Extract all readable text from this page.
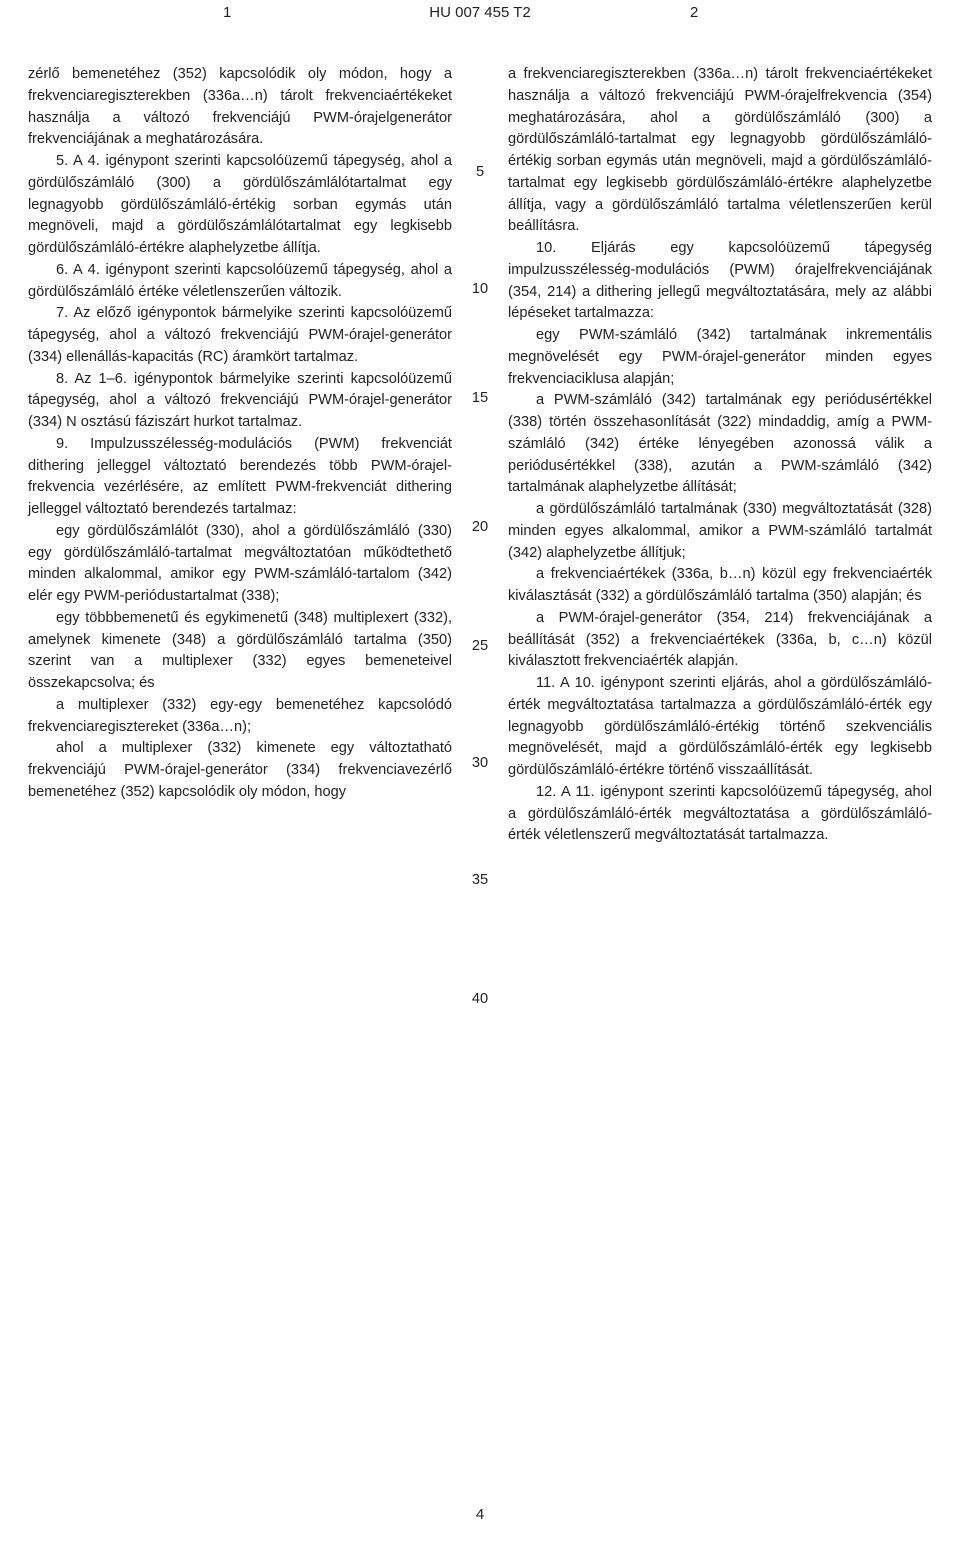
1	HU 007 455 T2	2

zérlő bemenetéhez (352) kapcsolódik oly módon, hogy a frekvenciaregiszterekben (336a…n) tárolt frekvenciaértékeket használja a változó frekvenciájú PWM-órajelgenerátor frekvenciájának a meghatározására.

5. A 4. igénypont szerinti kapcsolóüzemű tápegység, ahol a gördülőszámláló (300) a gördülőszámlálótartalmat egy legnagyobb gördülőszámláló-értékig sorban egymás után megnöveli, majd a gördülőszámlálótartalmat egy legkisebb gördülőszámláló-értékre alaphelyzetbe állítja.

6. A 4. igénypont szerinti kapcsolóüzemű tápegység, ahol a gördülőszámláló értéke véletlenszerűen változik.

7. Az előző igénypontok bármelyike szerinti kapcsolóüzemű tápegység, ahol a változó frekvenciájú PWM-órajel-generátor (334) ellenállás-kapacitás (RC) áramkört tartalmaz.

8. Az 1–6. igénypontok bármelyike szerinti kapcsolóüzemű tápegység, ahol a változó frekvenciájú PWM-órajel-generátor (334) N osztású fáziszárt hurkot tartalmaz.

9. Impulzusszélesség-modulációs (PWM) frekvenciát dithering jelleggel változtató berendezés több PWM-órajel-frekvencia vezérlésére, az említett PWM-frekvenciát dithering jelleggel változtató berendezés tartalmaz:

egy gördülőszámlálót (330), ahol a gördülőszámláló (330) egy gördülőszámláló-tartalmat megváltoztatóan működtethető minden alkalommal, amikor egy PWM-számláló-tartalom (342) elér egy PWM-periódustartalmat (338);

egy többbemenetű és egykimenetű (348) multiplexert (332), amelynek kimenete (348) a gördülőszámláló tartalma (350) szerint van a multiplexer (332) egyes bemeneteivel összekapcsolva; és

a multiplexer (332) egy-egy bemenetéhez kapcsolódó frekvenciaregisztereket (336a…n);

ahol a multiplexer (332) kimenete egy változtatható frekvenciájú PWM-órajel-generátor (334) frekvenciavezérlő bemenetéhez (352) kapcsolódik oly módon, hogy

5
10
15
20
25
30
35
40

a frekvenciaregiszterekben (336a…n) tárolt frekvenciaértékeket használja a változó frekvenciájú PWM-órajelfrekvencia (354) meghatározására, ahol a gördülőszámláló (300) a gördülőszámláló-tartalmat egy legnagyobb gördülőszámláló-értékig sorban egymás után megnöveli, majd a gördülőszámláló-tartalmat egy legkisebb gördülőszámláló-értékre alaphelyzetbe állítja, vagy a gördülőszámláló tartalma véletlenszerűen kerül beállításra.

10. Eljárás egy kapcsolóüzemű tápegység impulzusszélesség-modulációs (PWM) órajelfrekvenciájának (354, 214) a dithering jellegű megváltoztatására, mely az alábbi lépéseket tartalmazza:

egy PWM-számláló (342) tartalmának inkrementális megnövelését egy PWM-órajel-generátor minden egyes frekvenciaciklusa alapján;

a PWM-számláló (342) tartalmának egy periódusértékkel (338) történ összehasonlítását (322) mindaddig, amíg a PWM-számláló (342) értéke lényegében azonossá válik a periódusértékkel (338), azután a PWM-számláló (342) tartalmának alaphelyzetbe állítását;

a gördülőszámláló tartalmának (330) megváltoztatását (328) minden egyes alkalommal, amikor a PWM-számláló tartalmát (342) alaphelyzetbe állítjuk;

a frekvenciaértékek (336a, b…n) közül egy frekvenciaérték kiválasztását (332) a gördülőszámláló tartalma (350) alapján; és

a PWM-órajel-generátor (354, 214) frekvenciájának a beállítását (352) a frekvenciaértékek (336a, b, c…n) közül kiválasztott frekvenciaérték alapján.

11. A 10. igénypont szerinti eljárás, ahol a gördülőszámláló-érték megváltoztatása tartalmazza a gördülőszámláló-érték egy legnagyobb gördülőszámláló-értékig történő szekvenciális megnövelését, majd a gördülőszámláló-érték egy legkisebb gördülőszámláló-értékre történő visszaállítását.

12. A 11. igénypont szerinti kapcsolóüzemű tápegység, ahol a gördülőszámláló-érték megváltoztatása a gördülőszámláló-érték véletlenszerű megváltoztatását tartalmazza.

4
